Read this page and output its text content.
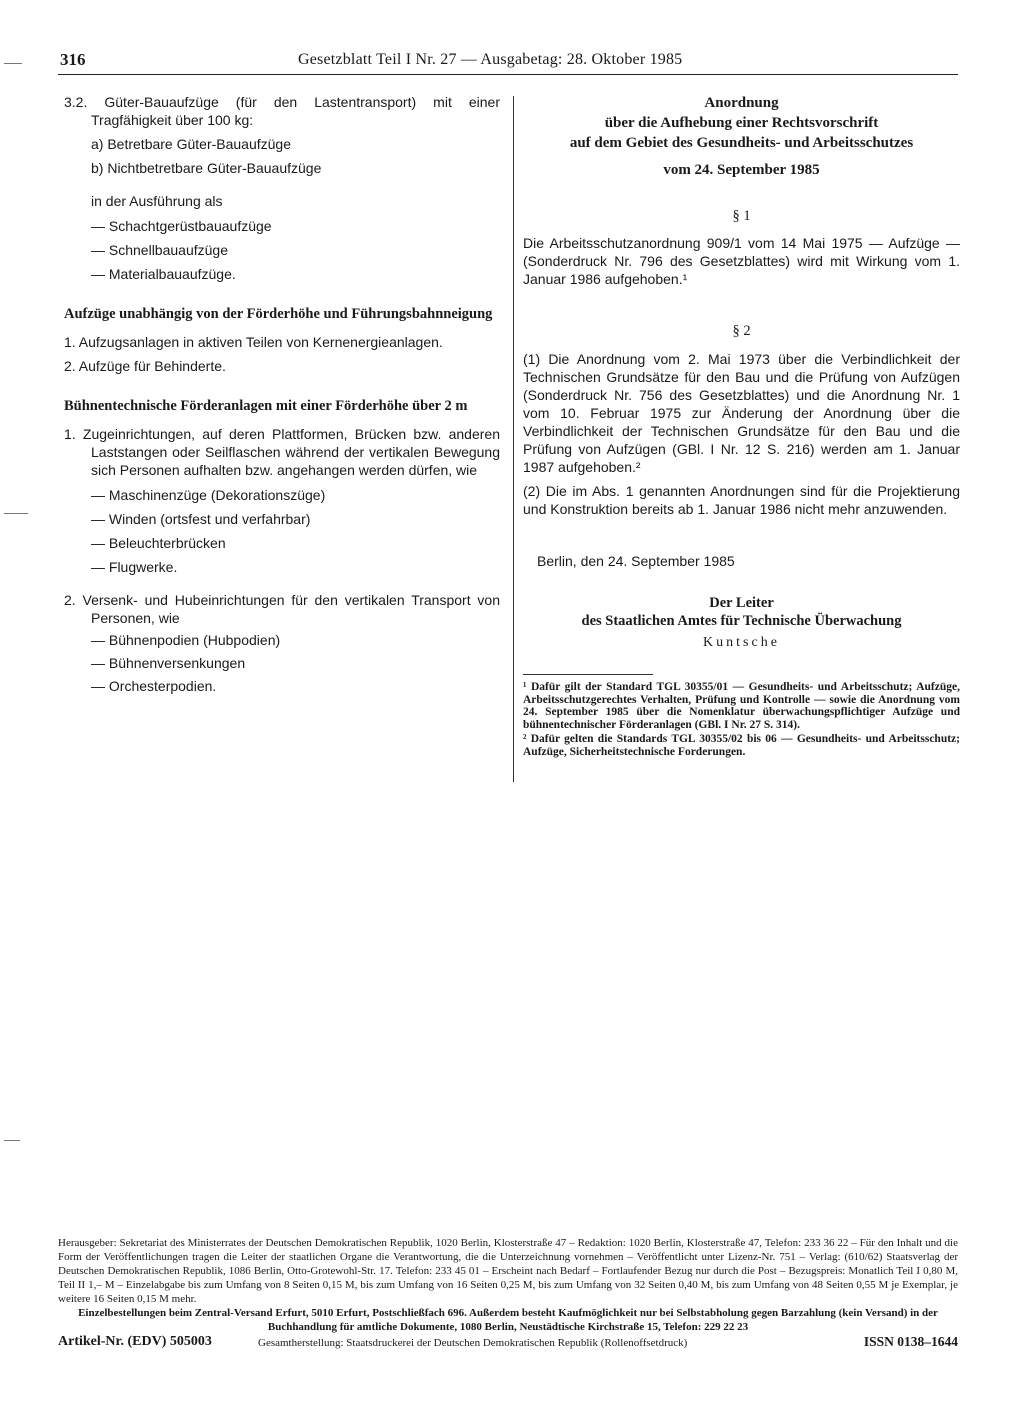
316	Gesetzblatt Teil I Nr. 27 — Ausgabetag: 28. Oktober 1985

3.2. Güter-Bauaufzüge (für den Lastentransport) mit einer Tragfähigkeit über 100 kg:

a) Betretbare Güter-Bauaufzüge

b) Nichtbetretbare Güter-Bauaufzüge

in der Ausführung als

— Schachtgerüstbauaufzüge

— Schnellbauaufzüge

— Materialbauaufzüge.

Aufzüge unabhängig von der Förderhöhe und Führungsbahnneigung

1. Aufzugsanlagen in aktiven Teilen von Kernenergieanlagen.

2. Aufzüge für Behinderte.

Bühnentechnische Förderanlagen mit einer Förderhöhe über 2 m

1. Zugeinrichtungen, auf deren Plattformen, Brücken bzw. anderen Laststangen oder Seilflaschen während der vertikalen Bewegung sich Personen aufhalten bzw. angehangen werden dürfen, wie

— Maschinenzüge (Dekorationszüge)

— Winden (ortsfest und verfahrbar)

— Beleuchterbrücken

— Flugwerke.

2. Versenk- und Hubeinrichtungen für den vertikalen Transport von Personen, wie

— Bühnenpodien (Hubpodien)

— Bühnenversenkungen

— Orchesterpodien.

Anordnung

über die Aufhebung einer Rechtsvorschrift

auf dem Gebiet des Gesundheits- und Arbeitsschutzes

vom 24. September 1985

§ 1

Die Arbeitsschutzanordnung 909/1 vom 14 Mai 1975 — Aufzüge — (Sonderdruck Nr. 796 des Gesetzblattes) wird mit Wirkung vom 1. Januar 1986 aufgehoben.¹

§ 2

(1) Die Anordnung vom 2. Mai 1973 über die Verbindlichkeit der Technischen Grundsätze für den Bau und die Prüfung von Aufzügen (Sonderdruck Nr. 756 des Gesetzblattes) und die Anordnung Nr. 1 vom 10. Februar 1975 zur Änderung der Anordnung über die Verbindlichkeit der Technischen Grundsätze für den Bau und die Prüfung von Aufzügen (GBl. I Nr. 12 S. 216) werden am 1. Januar 1987 aufgehoben.²

(2) Die im Abs. 1 genannten Anordnungen sind für die Projektierung und Konstruktion bereits ab 1. Januar 1986 nicht mehr anzuwenden.

Berlin, den 24. September 1985

Der Leiter

des Staatlichen Amtes für Technische Überwachung

Kuntsche

¹ Dafür gilt der Standard TGL 30355/01 — Gesundheits- und Arbeitsschutz; Aufzüge, Arbeitsschutzgerechtes Verhalten, Prüfung und Kontrolle — sowie die Anordnung vom 24. September 1985 über die Nomenklatur überwachungspflichtiger Aufzüge und bühnentechnischer Förderanlagen (GBl. I Nr. 27 S. 314).

² Dafür gelten die Standards TGL 30355/02 bis 06 — Gesundheits- und Arbeitsschutz; Aufzüge, Sicherheitstechnische Forderungen.

Herausgeber: Sekretariat des Ministerrates der Deutschen Demokratischen Republik, 1020 Berlin, Klosterstraße 47 – Redaktion: 1020 Berlin, Klosterstraße 47, Telefon: 233 36 22 – Für den Inhalt und die Form der Veröffentlichungen tragen die Leiter der staatlichen Organe die Verantwortung, die die Unterzeichnung vornehmen – Veröffentlicht unter Lizenz-Nr. 751 – Verlag: (610/62) Staatsverlag der Deutschen Demokratischen Republik, 1086 Berlin, Otto-Grotewohl-Str. 17. Telefon: 233 45 01 – Erscheint nach Bedarf – Fortlaufender Bezug nur durch die Post – Bezugspreis: Monatlich Teil I 0,80 M, Teil II 1,– M – Einzelabgabe bis zum Umfang von 8 Seiten 0,15 M, bis zum Umfang von 16 Seiten 0,25 M, bis zum Umfang von 32 Seiten 0,40 M, bis zum Umfang von 48 Seiten 0,55 M je Exemplar, je weitere 16 Seiten 0,15 M mehr.

Einzelbestellungen beim Zentral-Versand Erfurt, 5010 Erfurt, Postschließfach 696. Außerdem besteht Kaufmöglichkeit nur bei Selbstabholung gegen Barzahlung (kein Versand) in der Buchhandlung für amtliche Dokumente, 1080 Berlin, Neustädtische Kirchstraße 15, Telefon: 229 22 23

Artikel-Nr. (EDV) 505003	Gesamtherstellung: Staatsdruckerei der Deutschen Demokratischen Republik (Rollenoffsetdruck)	ISSN 0138–1644
